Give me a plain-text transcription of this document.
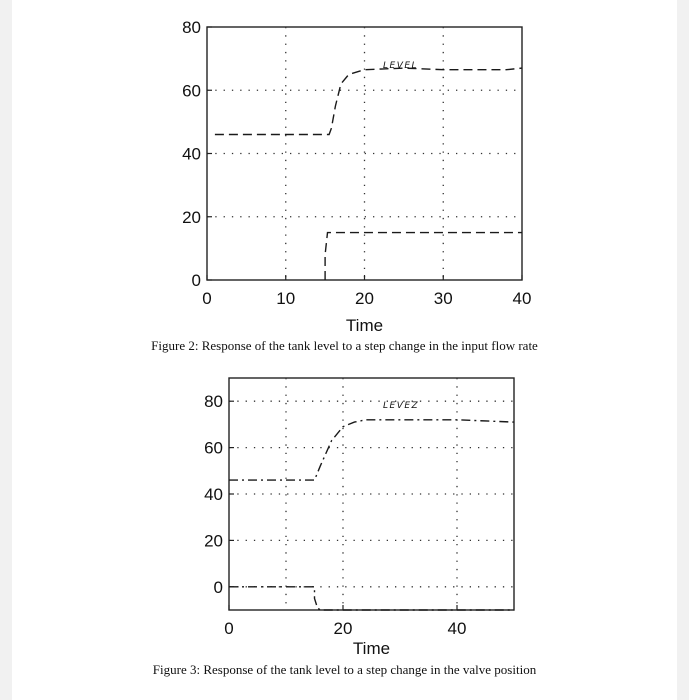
0
20
40
60
80
0	10	20	30	40
Time
LEVEL
0
20
40
60
80
0	20	40
Time
LEVEZ
Figure 2: Response of the tank level to a step change in the input flow rate
Figure 3: Response of the tank level to a step change in the valve position
